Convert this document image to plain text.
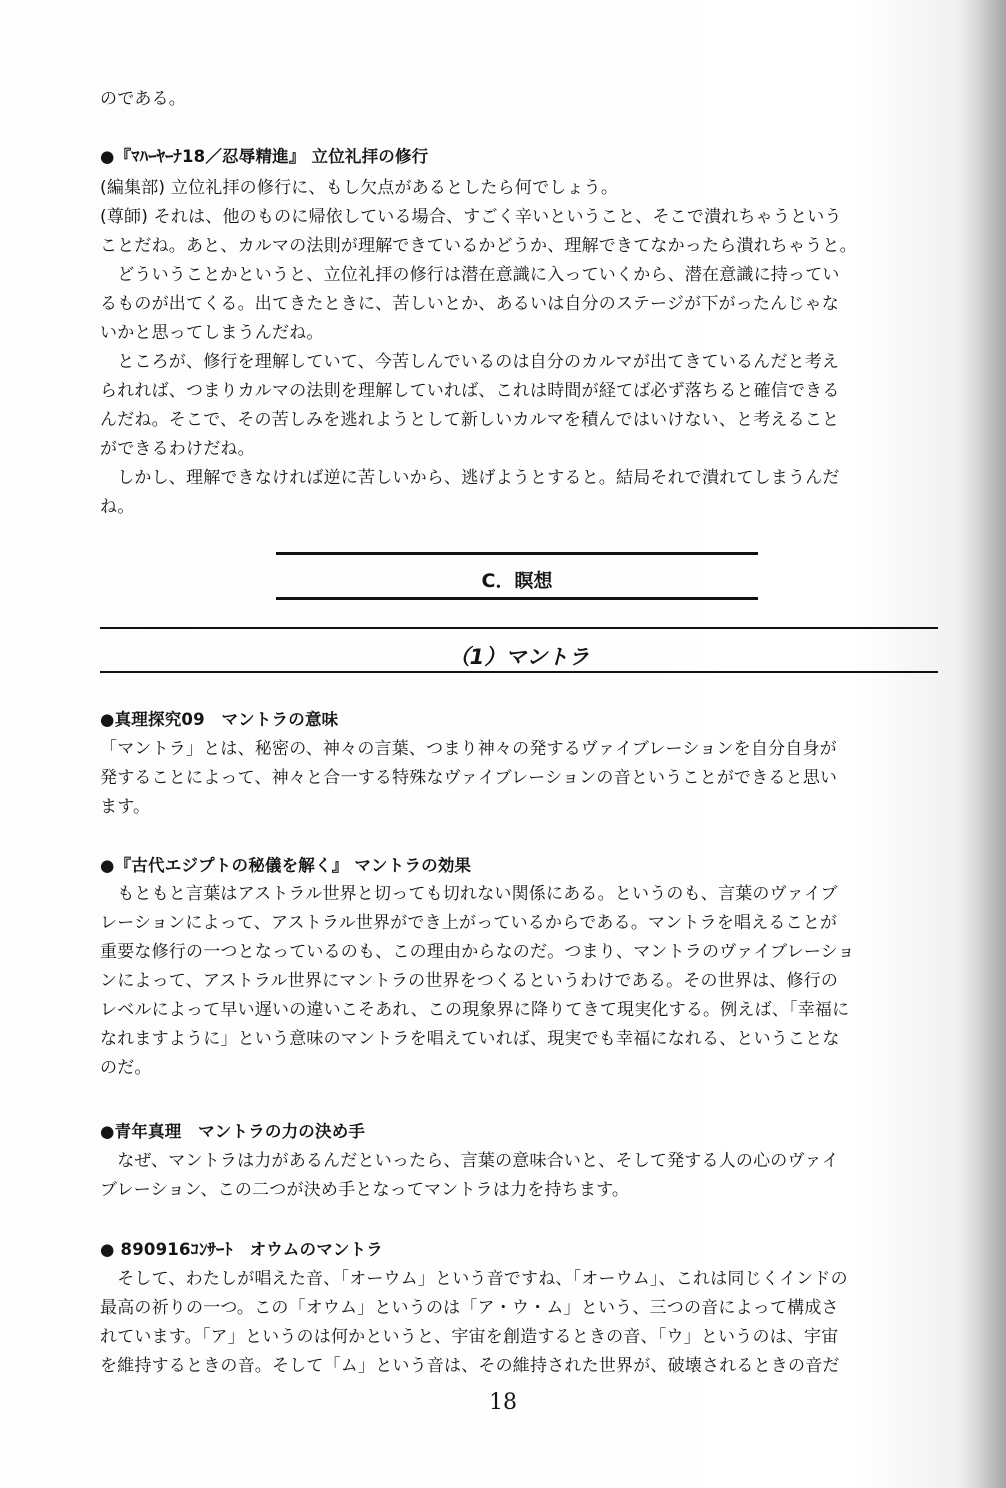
のである。
●『ﾏﾊｰﾔｰﾅ18／忍辱精進』 立位礼拝の修行
(編集部) 立位礼拝の修行に、もし欠点があるとしたら何でしょう。
(尊師) それは、他のものに帰依している場合、すごく辛いということ、そこで潰れちゃうという
ことだね。あと、カルマの法則が理解できているかどうか、理解できてなかったら潰れちゃうと。
　どういうことかというと、立位礼拝の修行は潜在意識に入っていくから、潜在意識に持ってい
るものが出てくる。出てきたときに、苦しいとか、あるいは自分のステージが下がったんじゃな
いかと思ってしまうんだね。
　ところが、修行を理解していて、今苦しんでいるのは自分のカルマが出てきているんだと考え
られれば、つまりカルマの法則を理解していれば、これは時間が経てば必ず落ちると確信できる
んだね。そこで、その苦しみを逃れようとして新しいカルマを積んではいけない、と考えること
ができるわけだね。
　しかし、理解できなければ逆に苦しいから、逃げようとすると。結局それで潰れてしまうんだ
ね。
C．瞑想
（1）マントラ
●真理探究09　マントラの意味
「マントラ」とは、秘密の、神々の言葉、つまり神々の発するヴァイブレーションを自分自身が
発することによって、神々と合一する特殊なヴァイブレーションの音ということができると思い
ます。
●『古代エジプトの秘儀を解く』 マントラの効果
　もともと言葉はアストラル世界と切っても切れない関係にある。というのも、言葉のヴァイブ
レーションによって、アストラル世界ができ上がっているからである。マントラを唱えることが
重要な修行の一つとなっているのも、この理由からなのだ。つまり、マントラのヴァイブレーショ
ンによって、アストラル世界にマントラの世界をつくるというわけである。その世界は、修行の
レベルによって早い遅いの違いこそあれ、この現象界に降りてきて現実化する。例えば、「幸福に
なれますように」という意味のマントラを唱えていれば、現実でも幸福になれる、ということな
のだ。
●青年真理　マントラの力の決め手
　なぜ、マントラは力があるんだといったら、言葉の意味合いと、そして発する人の心のヴァイ
ブレーション、この二つが決め手となってマントラは力を持ちます。
● 890916ｺﾝｻｰﾄ　オウムのマントラ
　そして、わたしが唱えた音、「オーウム」という音ですね、「オーウム」、これは同じくインドの
最高の祈りの一つ。この「オウム」というのは「ア・ウ・ム」という、三つの音によって構成さ
れています。「ア」というのは何かというと、宇宙を創造するときの音、「ウ」というのは、宇宙
を維持するときの音。そして「ム」という音は、その維持された世界が、破壊されるときの音だ
18
